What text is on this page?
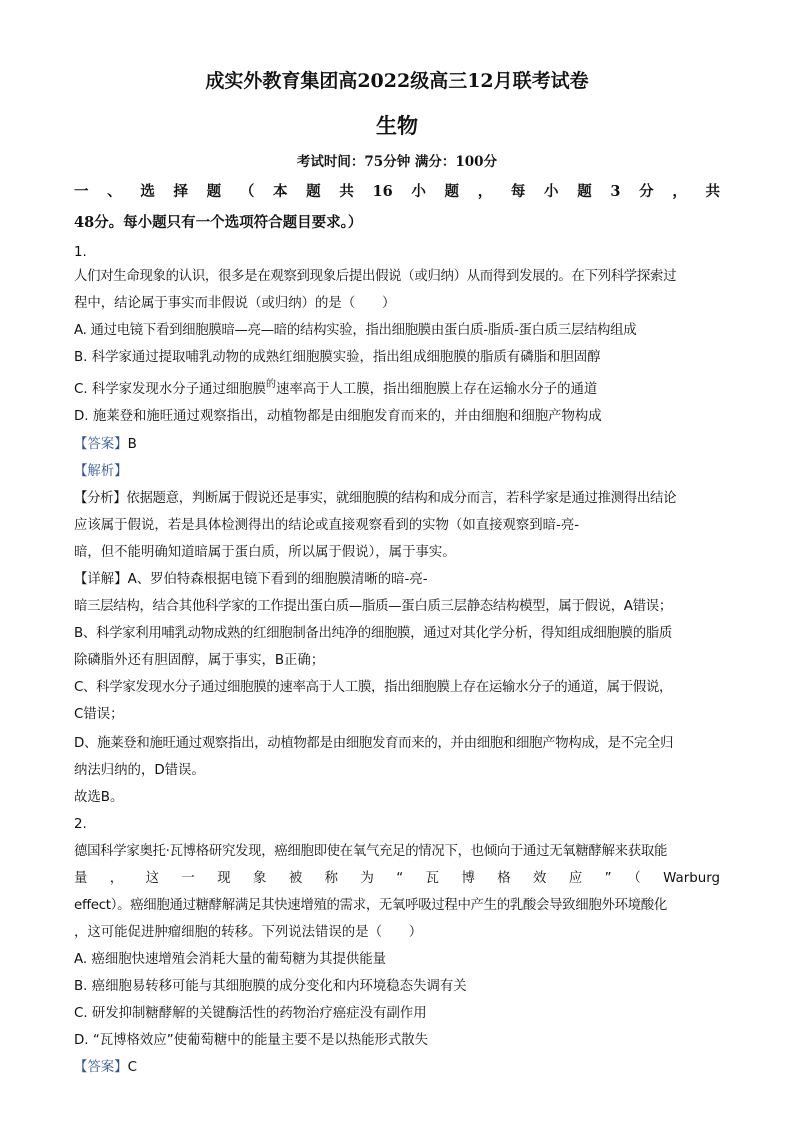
成实外教育集团高2022级高三12月联考试卷
生物
考试时间：75分钟 满分：100分
一、选择题（本题共16小题，每小题3分，共
48分。每小题只有一个选项符合题目要求。）
1.
人们对生命现象的认识，很多是在观察到现象后提出假说（或归纳）从而得到发展的。在下列科学探索过
程中，结论属于事实而非假说（或归纳）的是（　　）
A. 通过电镜下看到细胞膜暗—亮—暗的结构实验，指出细胞膜由蛋白质-脂质-蛋白质三层结构组成
B. 科学家通过提取哺乳动物的成熟红细胞膜实验，指出组成细胞膜的脂质有磷脂和胆固醇
C. 科学家发现水分子通过细胞膜$^的$速率高于人工膜，指出细胞膜上存在运输水分子的通道
D. 施莱登和施旺通过观察指出，动植物都是由细胞发育而来的，并由细胞和细胞产物构成
【答案】B
【解析】
【分析】依据题意，判断属于假说还是事实，就细胞膜的结构和成分而言，若科学家是通过推测得出结论
应该属于假说，若是具体检测得出的结论或直接观察看到的实物（如直接观察到暗-亮-
暗，但不能明确知道暗属于蛋白质，所以属于假说），属于事实。
【详解】A、罗伯特森根据电镜下看到的细胞膜清晰的暗-亮-
暗三层结构，结合其他科学家的工作提出蛋白质—脂质—蛋白质三层静态结构模型，属于假说，A错误；
B、科学家利用哺乳动物成熟的红细胞制备出纯净的细胞膜，通过对其化学分析，得知组成细胞膜的脂质
除磷脂外还有胆固醇，属于事实，B正确；
C、科学家发现水分子通过细胞膜的速率高于人工膜，指出细胞膜上存在运输水分子的通道，属于假说，
C错误；
D、施莱登和施旺通过观察指出，动植物都是由细胞发育而来的，并由细胞和细胞产物构成，是不完全归
纳法归纳的，D错误。
故选B。
2.
德国科学家奥托·瓦博格研究发现，癌细胞即使在氧气充足的情况下，也倾向于通过无氧糖酵解来获取能
量，这一现象被称为“瓦博格效应”（Warburg
effect）。癌细胞通过糖酵解满足其快速增殖的需求，无氧呼吸过程中产生的乳酸会导致细胞外环境酸化
，这可能促进肿瘤细胞的转移。下列说法错误的是（　　）
A. 癌细胞快速增殖会消耗大量的葡萄糖为其提供能量
B. 癌细胞易转移可能与其细胞膜的成分变化和内环境稳态失调有关
C. 研发抑制糖酵解的关键酶活性的药物治疗癌症没有副作用
D. “瓦博格效应”使葡萄糖中的能量主要不是以热能形式散失
【答案】C
